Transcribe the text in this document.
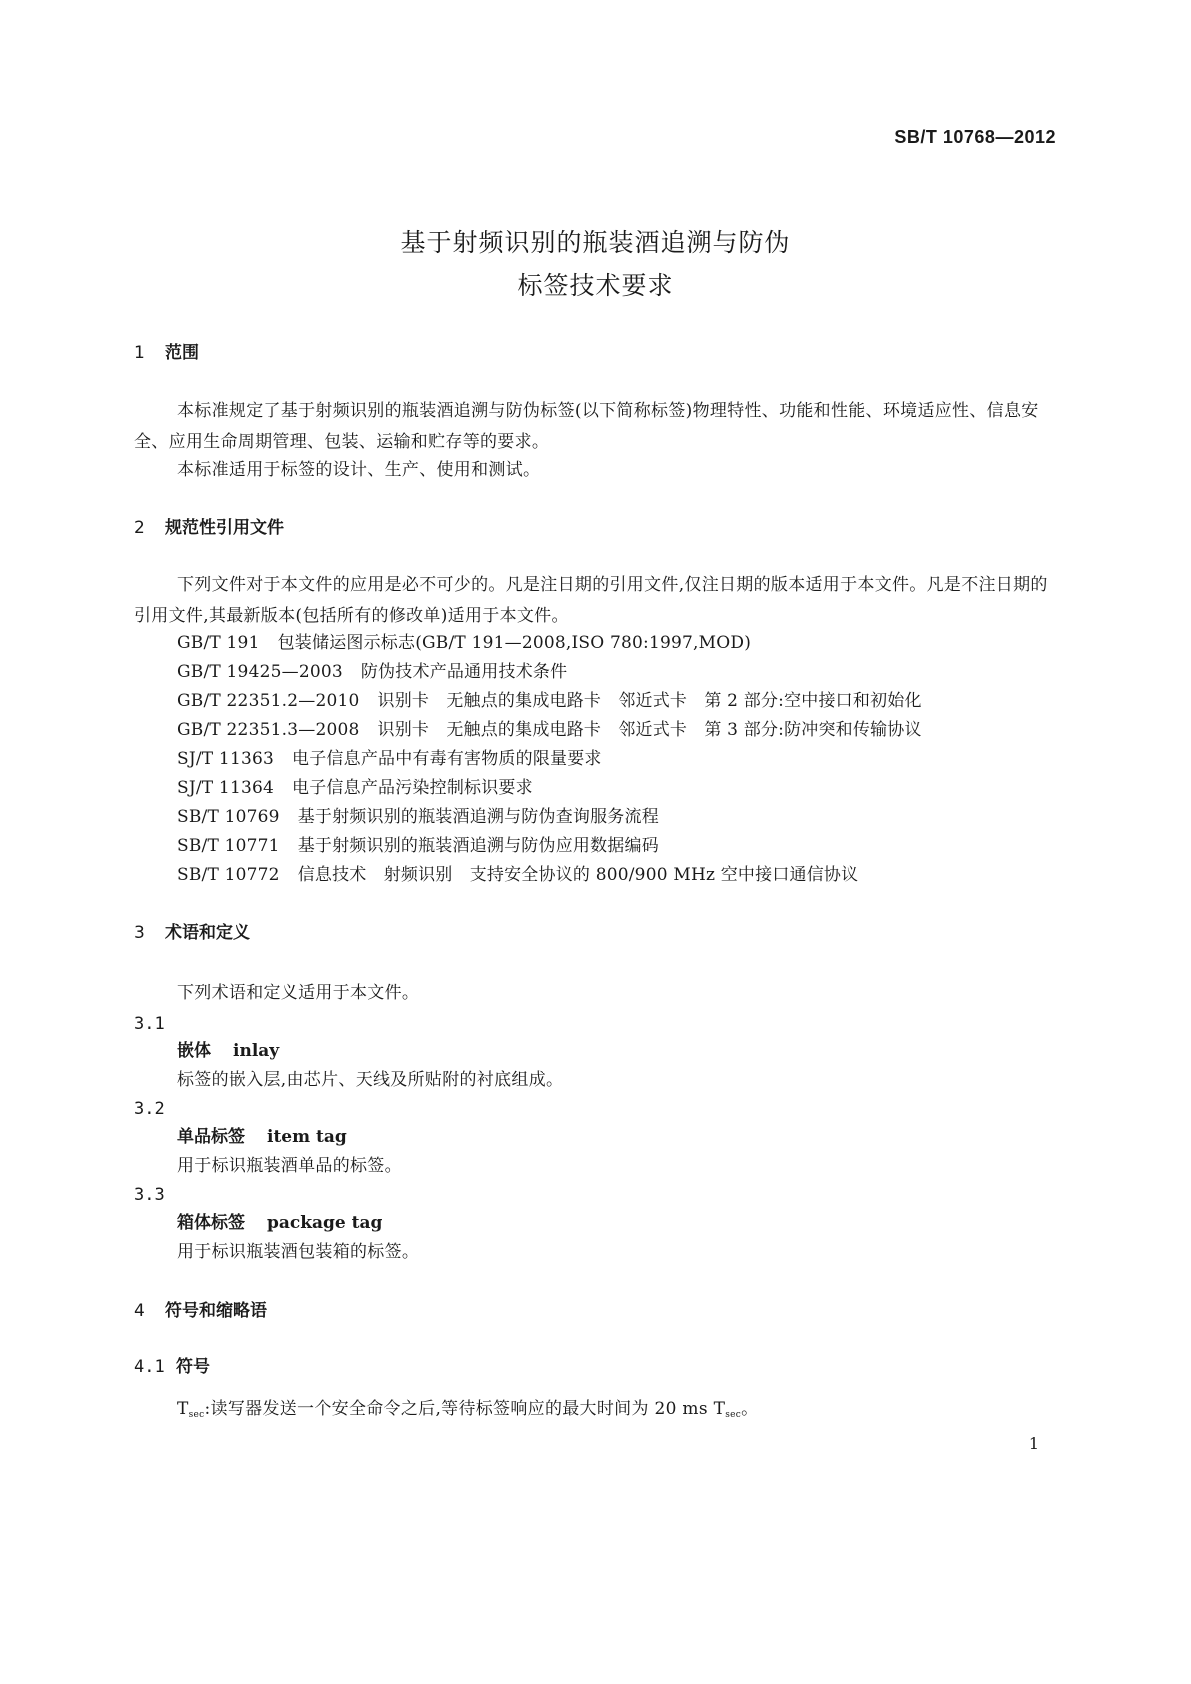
SB/T 10768—2012
基于射频识别的瓶装酒追溯与防伪
标签技术要求
1 范围
本标准规定了基于射频识别的瓶装酒追溯与防伪标签(以下简称标签)物理特性、功能和性能、环境适应性、信息安全、应用生命周期管理、包装、运输和贮存等的要求。
本标准适用于标签的设计、生产、使用和测试。
2 规范性引用文件
下列文件对于本文件的应用是必不可少的。凡是注日期的引用文件,仅注日期的版本适用于本文件。凡是不注日期的引用文件,其最新版本(包括所有的修改单)适用于本文件。
GB/T 191 包装储运图示标志(GB/T 191—2008,ISO 780:1997,MOD)
GB/T 19425—2003 防伪技术产品通用技术条件
GB/T 22351.2—2010 识别卡　无触点的集成电路卡　邻近式卡　第 2 部分:空中接口和初始化
GB/T 22351.3—2008 识别卡　无触点的集成电路卡　邻近式卡　第 3 部分:防冲突和传输协议
SJ/T 11363 电子信息产品中有毒有害物质的限量要求
SJ/T 11364 电子信息产品污染控制标识要求
SB/T 10769 基于射频识别的瓶装酒追溯与防伪查询服务流程
SB/T 10771 基于射频识别的瓶装酒追溯与防伪应用数据编码
SB/T 10772 信息技术　射频识别　支持安全协议的 800/900 MHz 空中接口通信协议
3 术语和定义
下列术语和定义适用于本文件。
3.1
嵌体 inlay
标签的嵌入层,由芯片、天线及所贴附的衬底组成。
3.2
单品标签 item tag
用于标识瓶装酒单品的标签。
3.3
箱体标签 package tag
用于标识瓶装酒包装箱的标签。
4 符号和缩略语
4.1 符号
$T_{sec}$:读写器发送一个安全命令之后,等待标签响应的最大时间为 20 ms $T_{sec}$。
1
